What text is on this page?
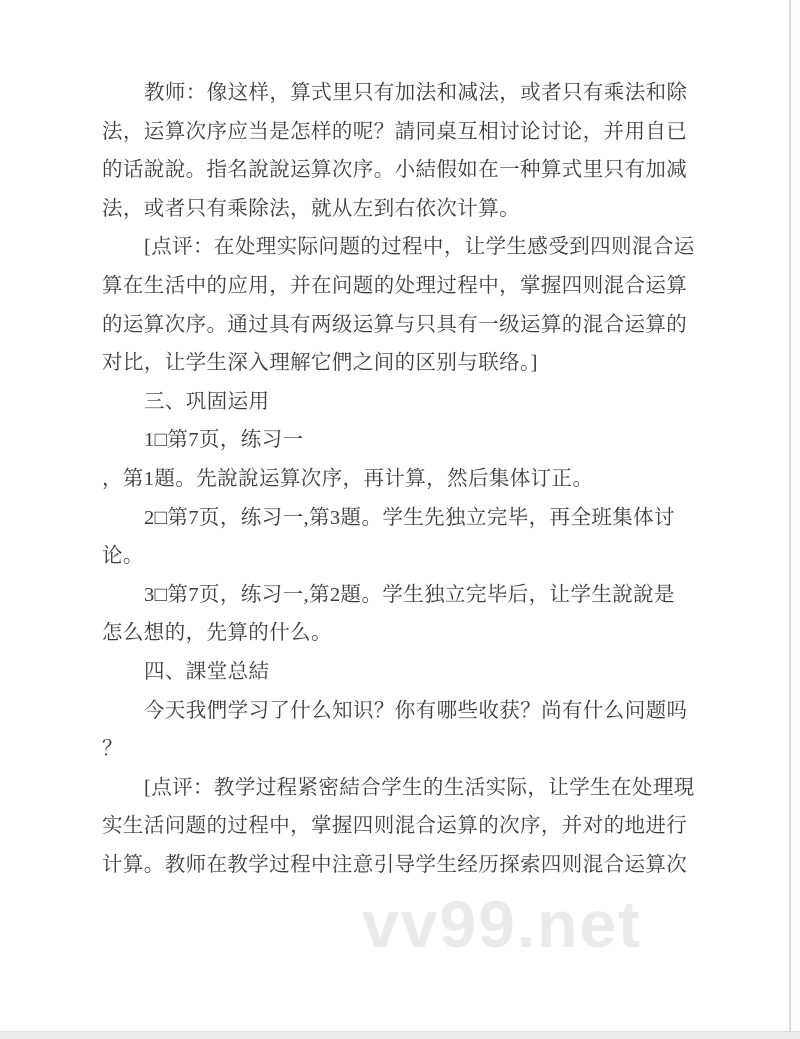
vv99.net
教师：像这样，算式里只有加法和减法，或者只有乘法和除
法，运算次序应当是怎样的呢？請同桌互相讨论讨论，并用自已
的话說說。指名說說运算次序。小結假如在一种算式里只有加减
法，或者只有乘除法，就从左到右依次计算。
[点评：在处理实际问题的过程中，让学生感受到四则混合运
算在生活中的应用，并在问题的处理过程中，掌握四则混合运算
的运算次序。通过具有两级运算与只具有一级运算的混合运算的
对比，让学生深入理解它們之间的区别与联络。]
三、巩固运用
1□第7页，练习一
，第1題。先說說运算次序，再计算，然后集体订正。
2□第7页，练习一,第3題。学生先独立完毕，再全班集体讨
论。
3□第7页，练习一,第2題。学生独立完毕后，让学生說說是
怎么想的，先算的什么。
四、課堂总結
今天我們学习了什么知识？你有哪些收获？尚有什么问题吗
？
[点评：教学过程紧密結合学生的生活实际，让学生在处理現
实生活问题的过程中，掌握四则混合运算的次序，并对的地进行
计算。教师在教学过程中注意引导学生经历探索四则混合运算次
